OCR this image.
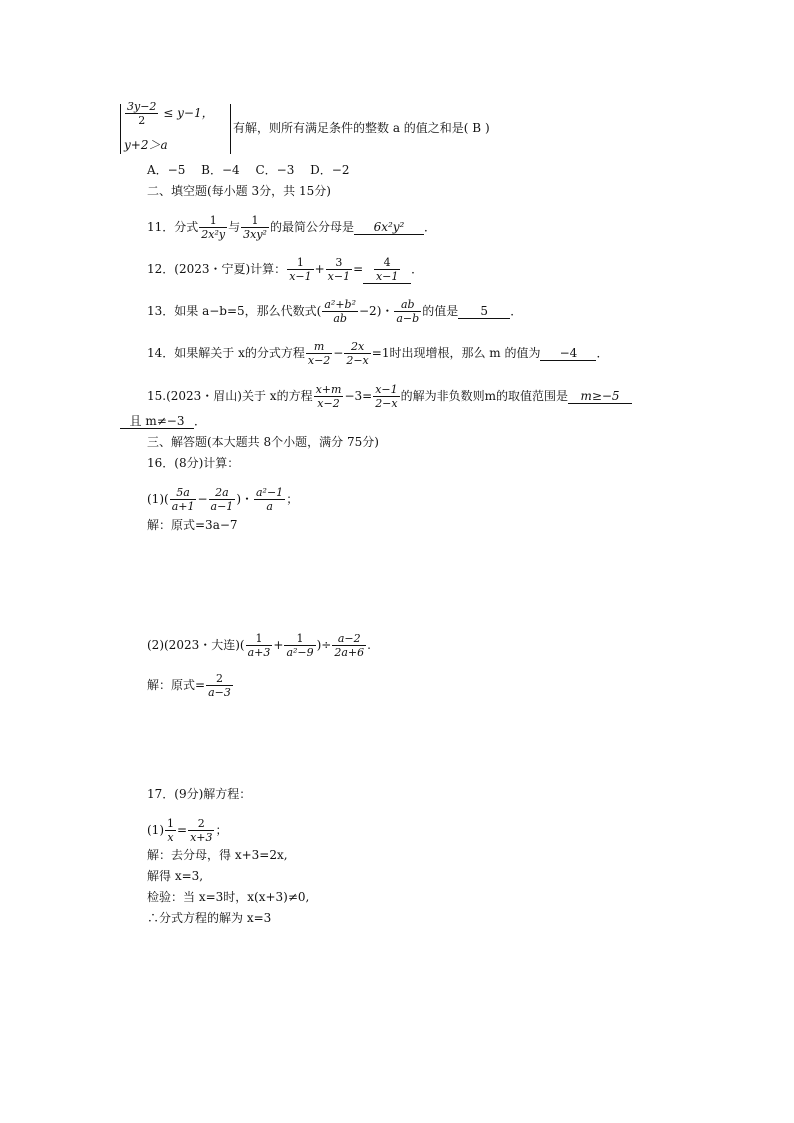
$\frac{3y-2}{2} \le y-1$，
y+2＞a
有解，则所有满足条件的整数 a 的值之和是( B )
A．−5　 B．−4　 C．−3　 D．−2
二、填空题(每小题 3分，共 15分)
11．分式 $\frac{1}{\text{2x²y}}$ 与 $\frac{1}{\text{3xy²}}$ 的最简公分母是 6x²y² ．
12．(2023・宁夏)计算： $\frac{1}{x-1} + \frac{3}{x-1} = \frac{4}{x-1}$ ．
13．如果 a−b=5，那么代数式( $\frac{\text{a²+b²}}{ab} -2$)・ $\frac{ab}{a-b}$ 的值是 5 ．
14．如果解关于 x的分式方程 $\frac{m}{x-2} - \frac{2x}{2-x} =1$时出现增根，那么 m 的值为 −4 ．
15.(2023・眉山)关于 x的方程 $\frac{x+m}{x-2} -3= \frac{x-1}{2-x}$ 的解为非负数则m的取值范围是 m≥−5
且 m≠−3 ．
三、解答题(本大题共 8个小题，满分 75分)
16．(8分)计算：
$(1)( \frac{5a}{a+1} - \frac{2a}{a-1}$ )・ $\frac{\text{a²−1}}{a}$ ；
解：原式=3a−7
(2)(2023・大连)( $\frac{1}{a+3} + \frac{1}{\text{a²−9}}$ )÷ $\frac{a-2}{2a+6}$ .
解：原式= $\frac{2}{a-3}$
17．(9分)解方程：
$(1) \frac{1}{x} = \frac{2}{x+3}$ ；
解：去分母，得 x+3=2x,
解得 x=3,
检验：当 x=3时，x(x+3)≠0,
∴分式方程的解为 x=3
